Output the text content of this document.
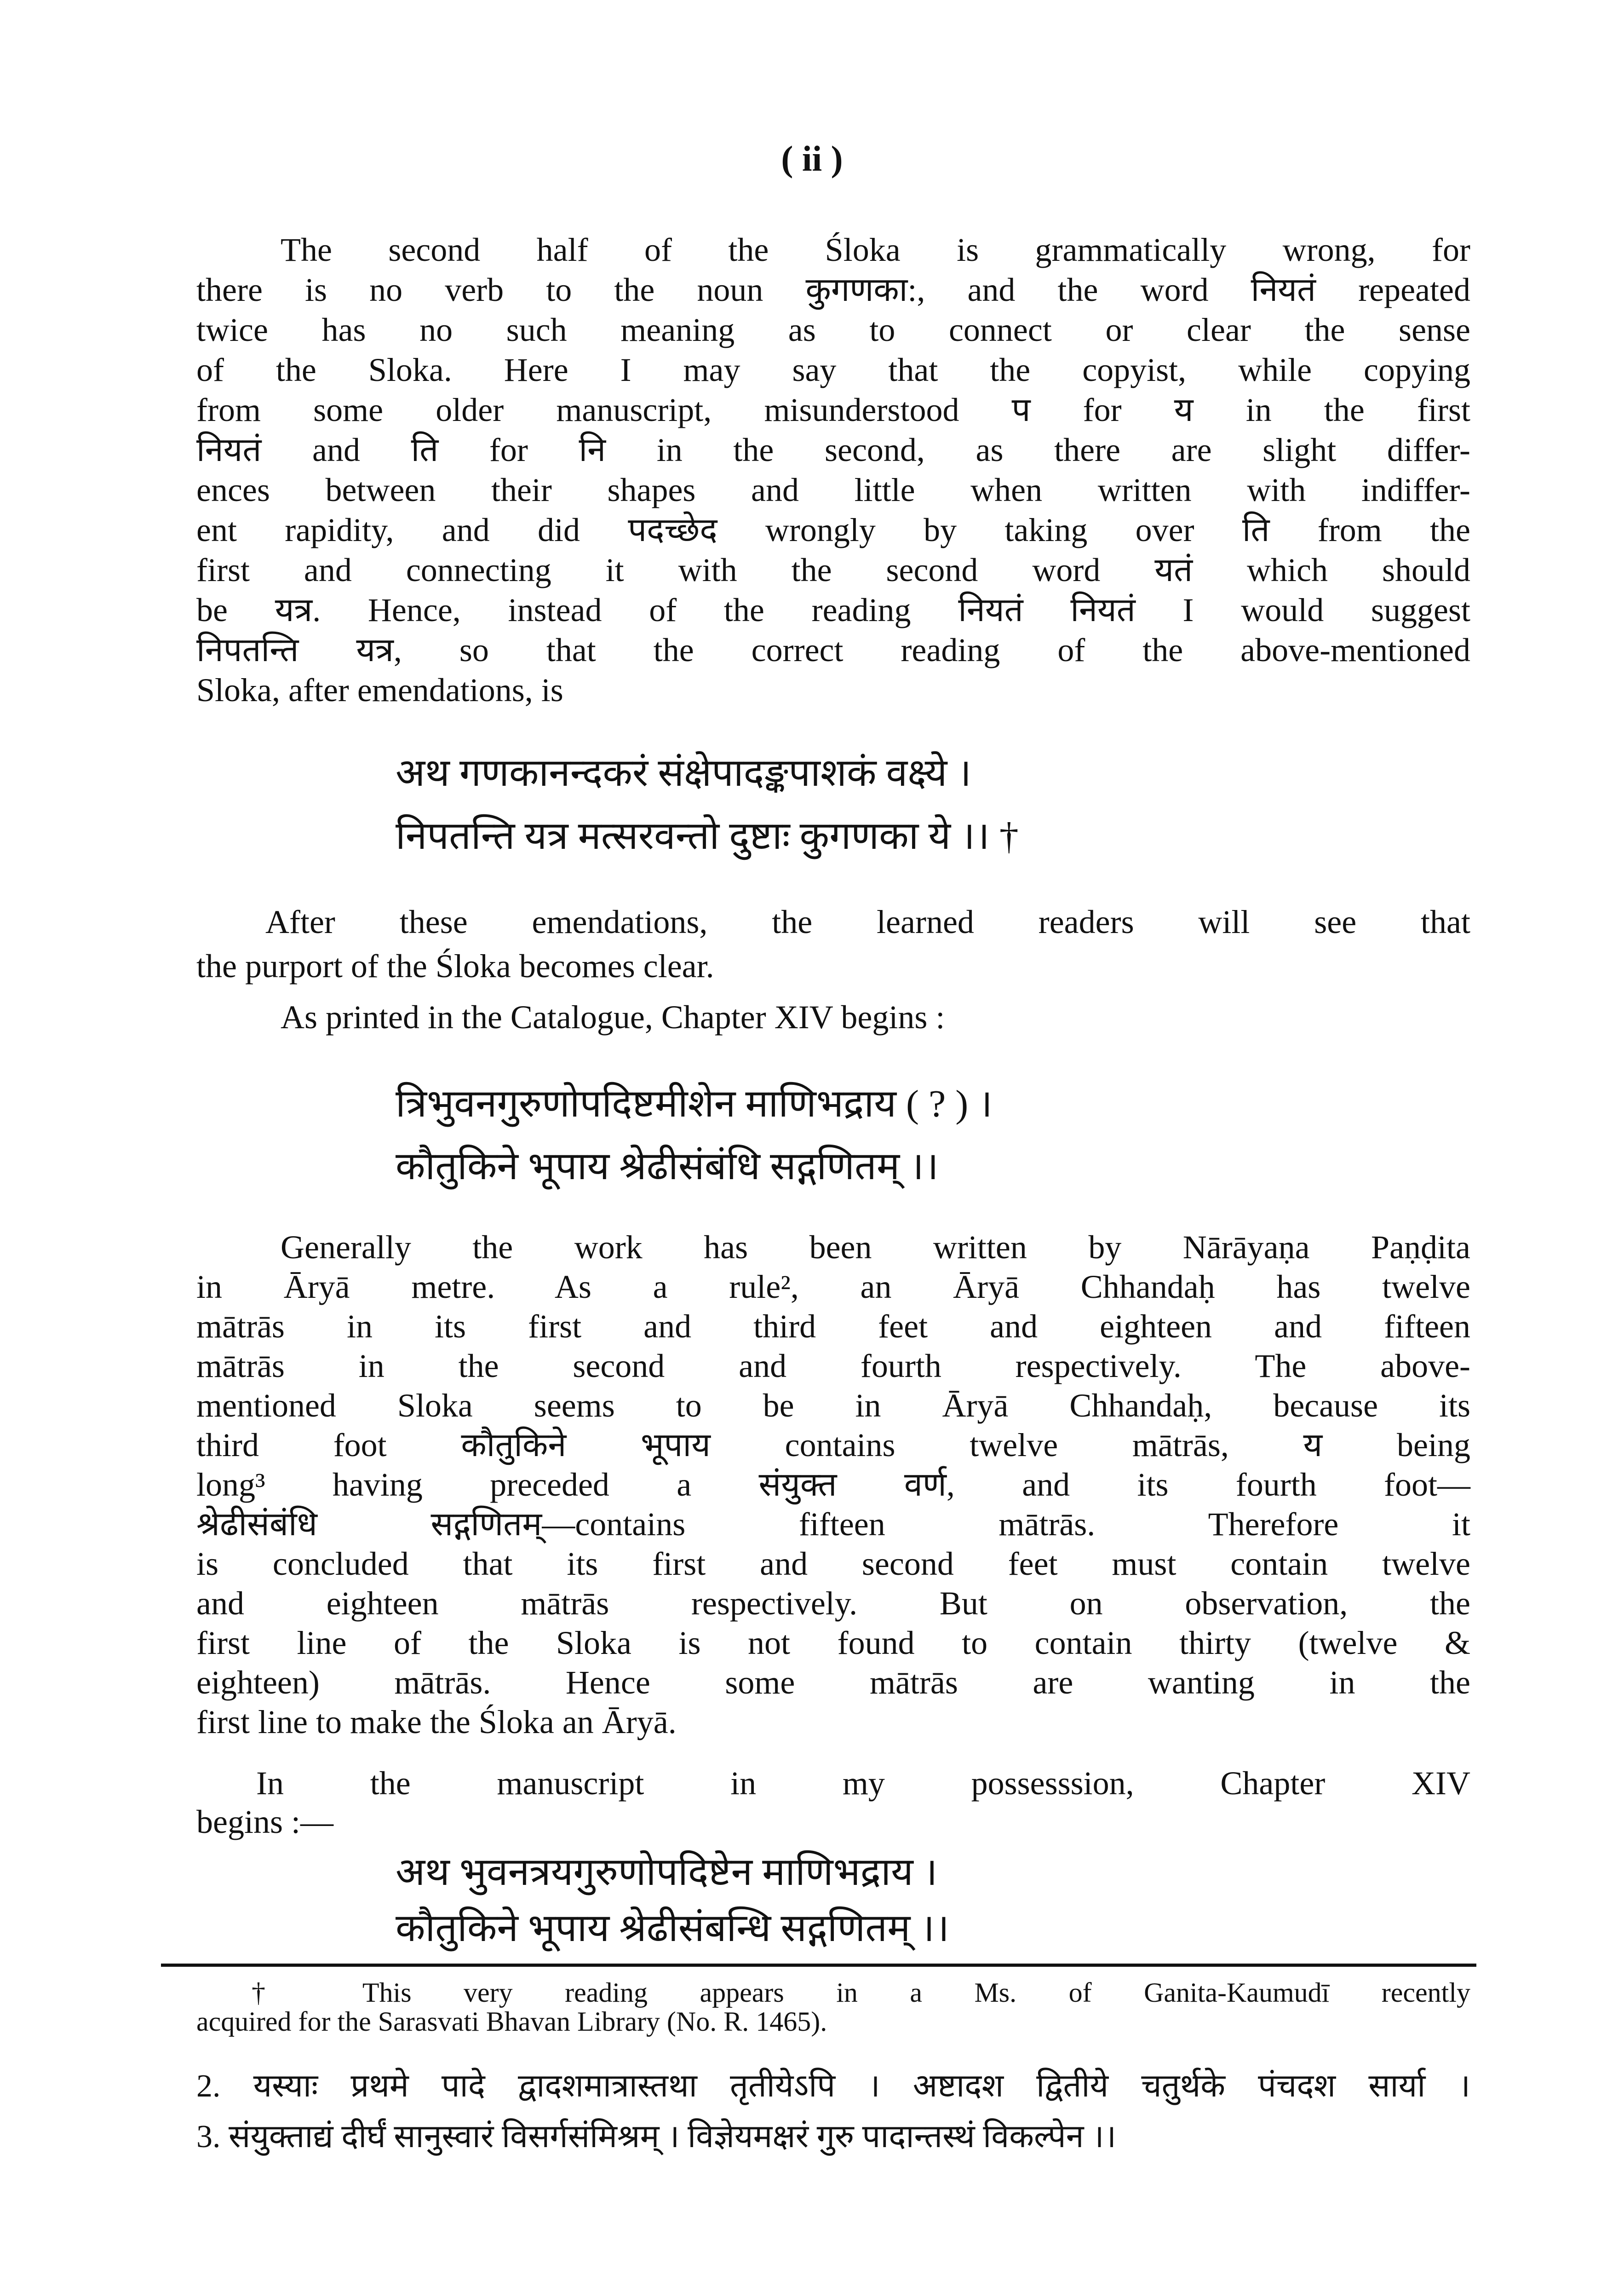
( ii )
The second half of the Śloka is grammatically wrong, for
there is no verb to the noun कुगणका:, and the word नियतं repeated
twice has no such meaning as to connect or clear the sense
of the Sloka. Here I may say that the copyist, while copying
from some older manuscript, misunderstood प for य in the first
नियतं and ति for नि in the second, as there are slight differ-
ences between their shapes and little when written with indiffer-
ent rapidity, and did पदच्छेद wrongly by taking over ति from the
first and connecting it with the second word यतं which should
be यत्र. Hence, instead of the reading नियतं नियतं I would suggest
निपतन्ति यत्र, so that the correct reading of the above-mentioned
Sloka, after emendations, is
अथ गणकानन्दकरं संक्षेपादङ्कपाशकं वक्ष्ये ।
निपतन्ति यत्र मत्सरवन्तो दुष्टाः कुगणका ये ।। †
After these emendations, the learned readers will see that
the purport of the Śloka becomes clear.
As printed in the Catalogue, Chapter XIV begins :
त्रिभुवनगुरुणोपदिष्टमीशेन माणिभद्राय ( ? ) ।
कौतुकिने भूपाय श्रेढीसंबंधि सद्गणितम् ।।
Generally the work has been written by Nārāyaṇa Paṇḍita
in Āryā metre. As a rule², an Āryā Chhandaḥ has twelve
mātrās in its first and third feet and eighteen and fifteen
mātrās in the second and fourth respectively. The above-
mentioned Sloka seems to be in Āryā Chhandaḥ, because its
third foot कौतुकिने भूपाय contains twelve mātrās, य being
long³ having preceded a संयुक्त वर्ण, and its fourth foot—
श्रेढीसंबंधि सद्गणितम्—contains fifteen mātrās. Therefore it
is concluded that its first and second feet must contain twelve
and eighteen mātrās respectively. But on observation, the
first line of the Sloka is not found to contain thirty (twelve &
eighteen) mātrās. Hence some mātrās are wanting in the
first line to make the Śloka an Āryā.
In the manuscript in my possesssion, Chapter XIV
begins :—
अथ भुवनत्रयगुरुणोपदिष्टेन माणिभद्राय ।
कौतुकिने भूपाय श्रेढीसंबन्धि सद्गणितम् ।।
† This very reading appears in a Ms. of Ganita-Kaumudī recently
acquired for the Sarasvati Bhavan Library (No. R. 1465).
2. यस्याः प्रथमे पादे द्वादशमात्रास्तथा तृतीयेऽपि । अष्टादश द्वितीये चतुर्थके पंचदश सार्या ।
3. संयुक्ताद्यं दीर्घं सानुस्वारं विसर्गसंमिश्रम् । विज्ञेयमक्षरं गुरु पादान्तस्थं विकल्पेन ।।
